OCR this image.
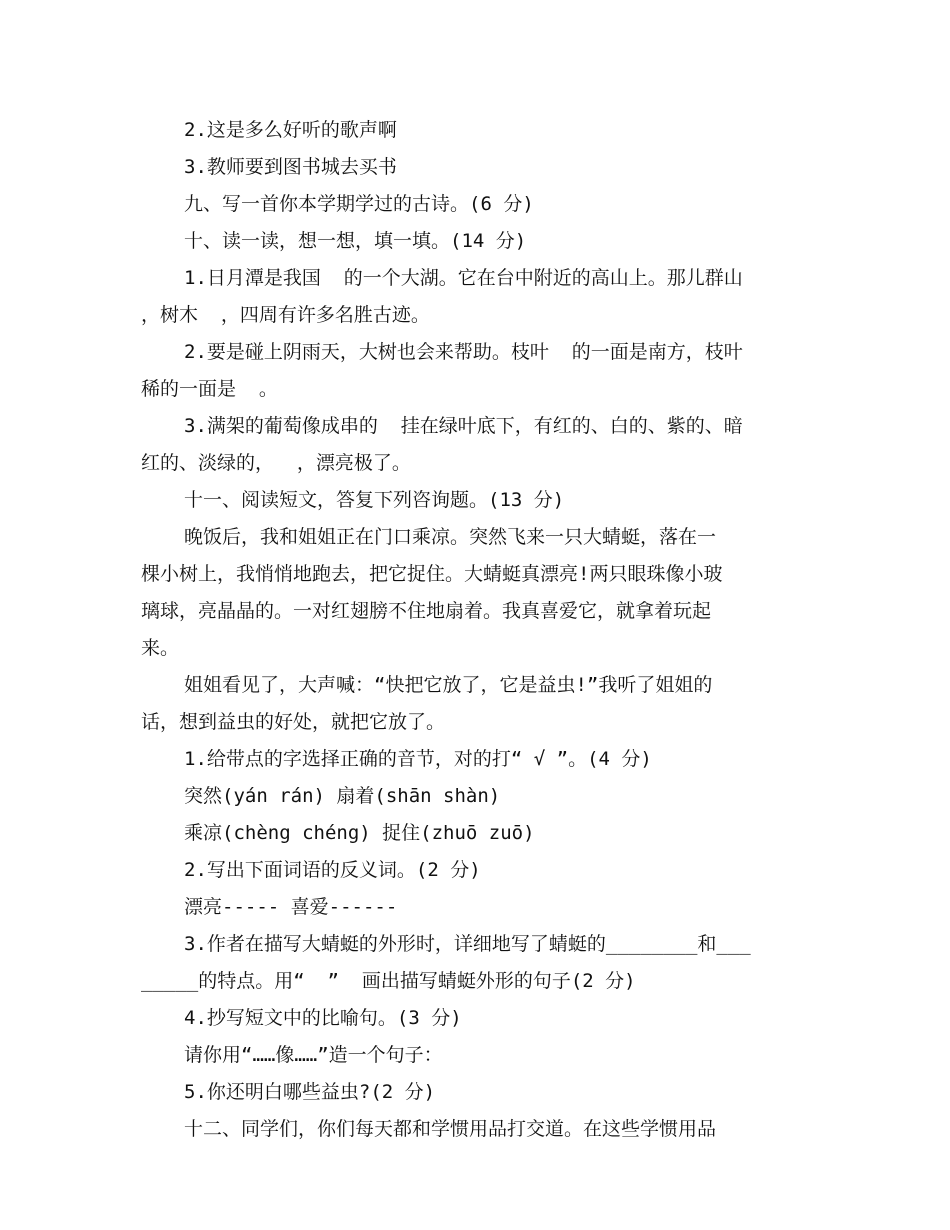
2.这是多么好听的歌声啊
3.教师要到图书城去买书
九、写一首你本学期学过的古诗。(6 分)
十、读一读，想一想，填一填。(14 分)
1.日月潭是我国  的一个大湖。它在台中附近的高山上。那儿群山
，树木  ，四周有许多名胜古迹。
2.要是碰上阴雨天，大树也会来帮助。枝叶  的一面是南方，枝叶
稀的一面是  。
3.满架的葡萄像成串的  挂在绿叶底下，有红的、白的、紫的、暗
红的、淡绿的，  ，漂亮极了。
十一、阅读短文，答复下列咨询题。(13 分)
晚饭后，我和姐姐正在门口乘凉。突然飞来一只大蜻蜓，落在一
棵小树上，我悄悄地跑去，把它捉住。大蜻蜓真漂亮!两只眼珠像小玻
璃球，亮晶晶的。一对红翅膀不住地扇着。我真喜爱它，就拿着玩起
来。
姐姐看见了，大声喊：“快把它放了，它是益虫!”我听了姐姐的
话，想到益虫的好处，就把它放了。
1.给带点的字选择正确的音节，对的打“ √ ”。(4 分)
突然(yán rán) 扇着(shān shàn)
乘凉(chèng chéng) 捉住(zhuō zuō)
2.写出下面词语的反义词。(2 分)
漂亮----- 喜爱------
3.作者在描写大蜻蜓的外形时，详细地写了蜻蜓的________和___
_____的特点。用“  ”  画出描写蜻蜓外形的句子(2 分)
4.抄写短文中的比喻句。(3 分)
请你用“……像……”造一个句子：
5.你还明白哪些益虫?(2 分)
十二、同学们，你们每天都和学惯用品打交道。在这些学惯用品
